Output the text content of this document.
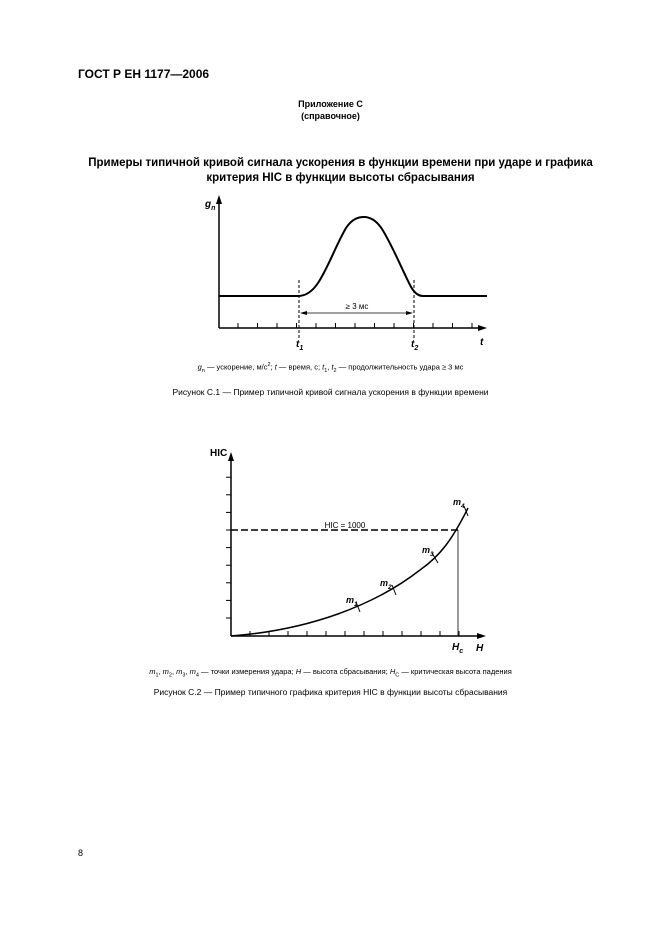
ГОСТ Р ЕН 1177—2006
Приложение С
(справочное)
Примеры типичной кривой сигнала ускорения в функции времени при ударе и графика
критерия HIC в функции высоты сбрасывания
≥ 3 мс
$g_n$
t
$t_1$	$t_2$
$g_n$ — ускорение, $м/с^2$; t — время, с; $t_1$, $t_2$ — продолжительность удара ≥ 3 мс
Рисунок С.1 — Пример типичной кривой сигнала ускорения в функции времени
HIC = 1000
$m_1$
$m_2$
$m_3$
$m_4$
HIC
H
$H_c$
$m_1$, $m_2$, $m_3$, $m_4$ — точки измерения удара; H — высота сбрасывания; $H_C$ — критическая высота падения
Рисунок С.2 — Пример типичного графика критерия HIC в функции высоты сбрасывания
8
